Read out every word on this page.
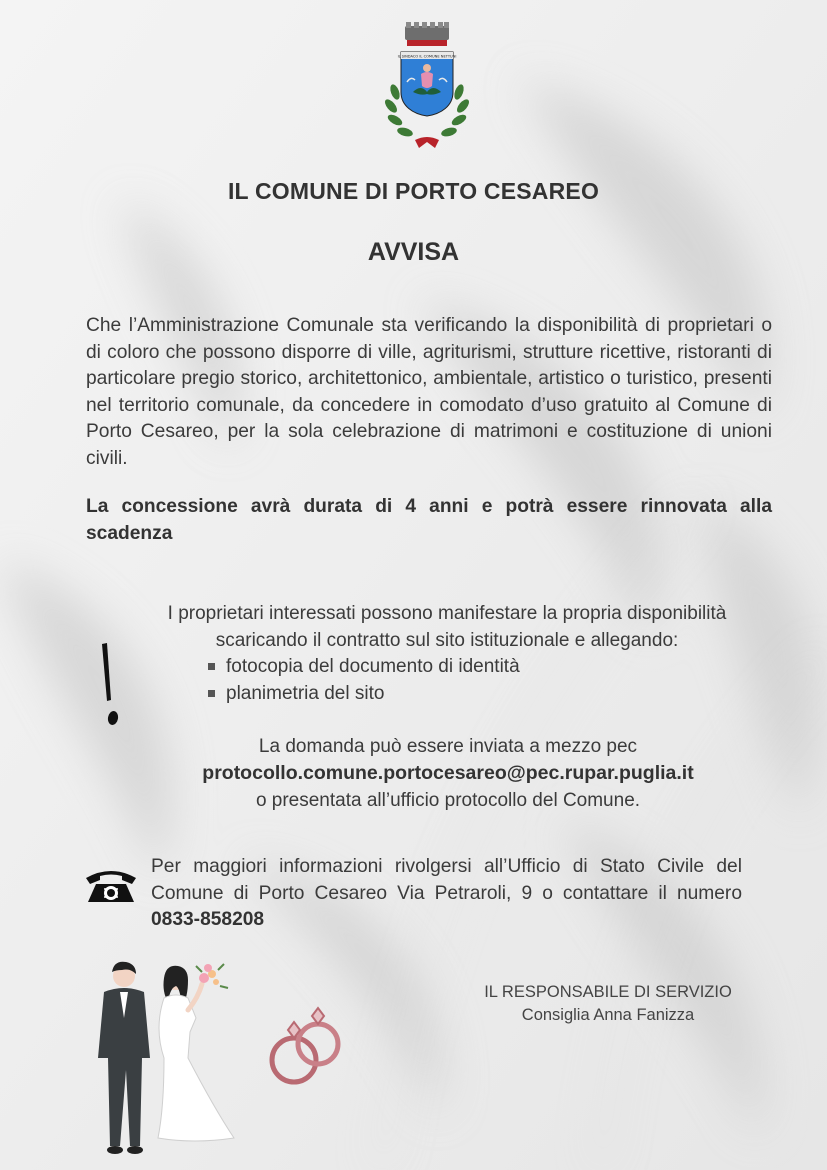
IL SINDACO IL COMUNE NETTUNI
IL COMUNE DI PORTO CESAREO
AVVISA
Che l’Amministrazione Comunale sta verificando la disponibilità di proprietari o di coloro che possono disporre di ville, agriturismi, strutture ricettive, ristoranti di particolare pregio storico, architettonico, ambientale, artistico o turistico, presenti nel territorio comunale, da concedere in comodato d’uso gratuito al Comune di Porto Cesareo, per la sola celebrazione di matrimoni e costituzione di unioni civili.
La concessione avrà durata di 4 anni e potrà essere rinnovata alla scadenza
I proprietari interessati possono manifestare la propria disponibilità
scaricando il contratto sul sito istituzionale e allegando:
fotocopia del documento di identità
planimetria del sito
La domanda può essere inviata a mezzo pec
protocollo.comune.portocesareo@pec.rupar.puglia.it
o presentata all’ufficio protocollo del Comune.
Per maggiori informazioni rivolgersi all’Ufficio di Stato Civile del Comune di Porto Cesareo Via Petraroli, 9 o contattare il numero 0833-858208
IL RESPONSABILE DI SERVIZIO
Consiglia Anna Fanizza
